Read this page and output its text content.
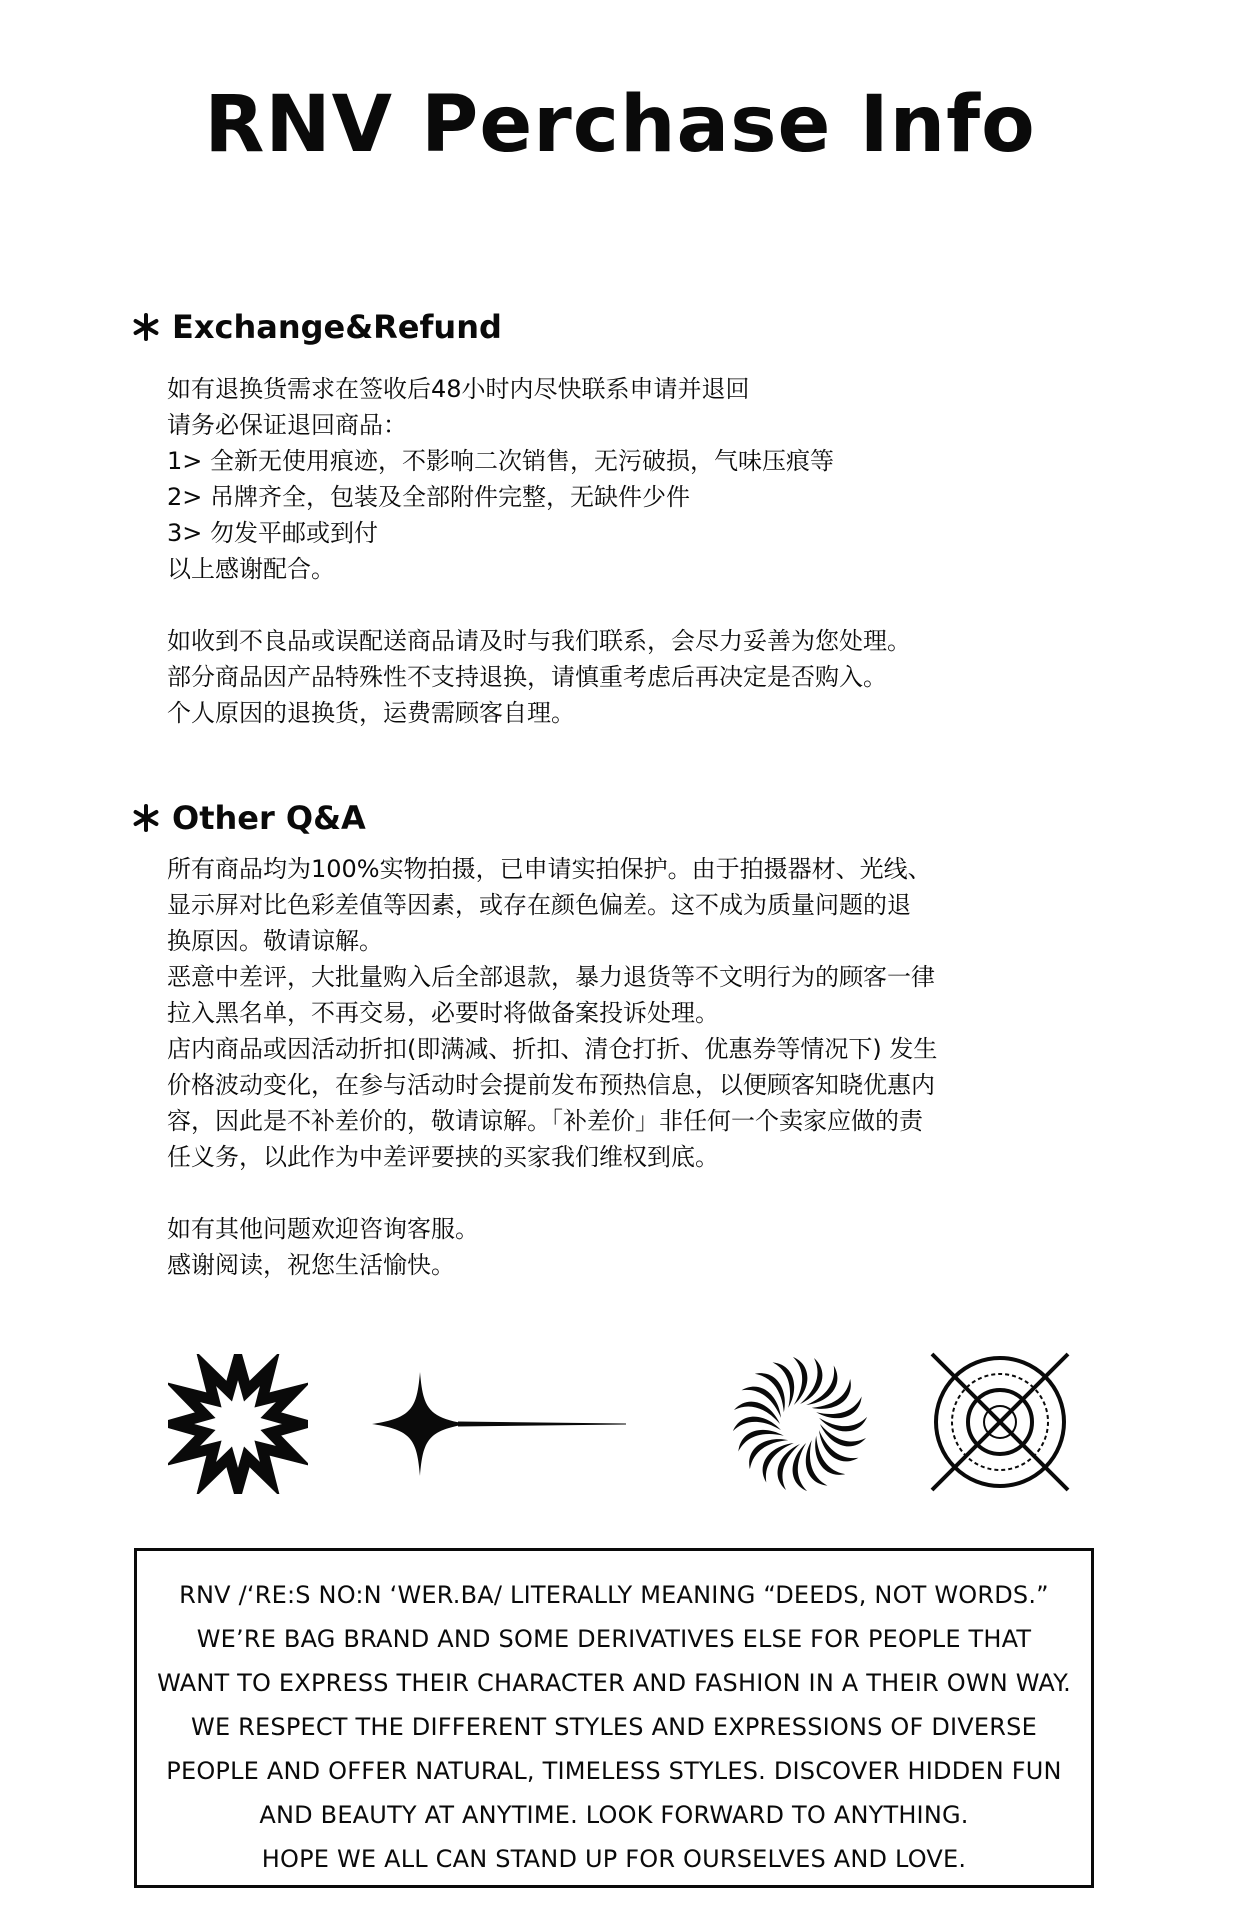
RNV Perchase Info
Exchange&Refund
如有退换货需求在签收后48小时内尽快联系申请并退回
请务必保证退回商品：
1> 全新无使用痕迹，不影响二次销售，无污破损，气味压痕等
2> 吊牌齐全，包装及全部附件完整，无缺件少件
3> 勿发平邮或到付
以上感谢配合。
如收到不良品或误配送商品请及时与我们联系，会尽力妥善为您处理。
部分商品因产品特殊性不支持退换，请慎重考虑后再决定是否购入。
个人原因的退换货，运费需顾客自理。
Other Q&A
所有商品均为100%实物拍摄，已申请实拍保护。由于拍摄器材、光线、
显示屏对比色彩差值等因素，或存在颜色偏差。这不成为质量问题的退
换原因。敬请谅解。
恶意中差评，大批量购入后全部退款，暴力退货等不文明行为的顾客一律
拉入黑名单，不再交易，必要时将做备案投诉处理。
店内商品或因活动折扣(即满减、折扣、清仓打折、优惠券等情况下) 发生
价格波动变化，在参与活动时会提前发布预热信息，以便顾客知晓优惠内
容，因此是不补差价的，敬请谅解。「补差价」非任何一个卖家应做的责
任义务，以此作为中差评要挟的买家我们维权到底。
如有其他问题欢迎咨询客服。
感谢阅读，祝您生活愉快。
RNV /‘RE:S NO:N ‘WER.BA/ LITERALLY MEANING “DEEDS, NOT WORDS.”
WE’RE BAG BRAND AND SOME DERIVATIVES ELSE FOR PEOPLE THAT
WANT TO EXPRESS THEIR CHARACTER AND FASHION IN A THEIR OWN WAY.
WE RESPECT THE DIFFERENT STYLES AND EXPRESSIONS OF DIVERSE
PEOPLE AND OFFER NATURAL, TIMELESS STYLES. DISCOVER HIDDEN FUN
AND BEAUTY AT ANYTIME. LOOK FORWARD TO ANYTHING.
HOPE WE ALL CAN STAND UP FOR OURSELVES AND LOVE.
